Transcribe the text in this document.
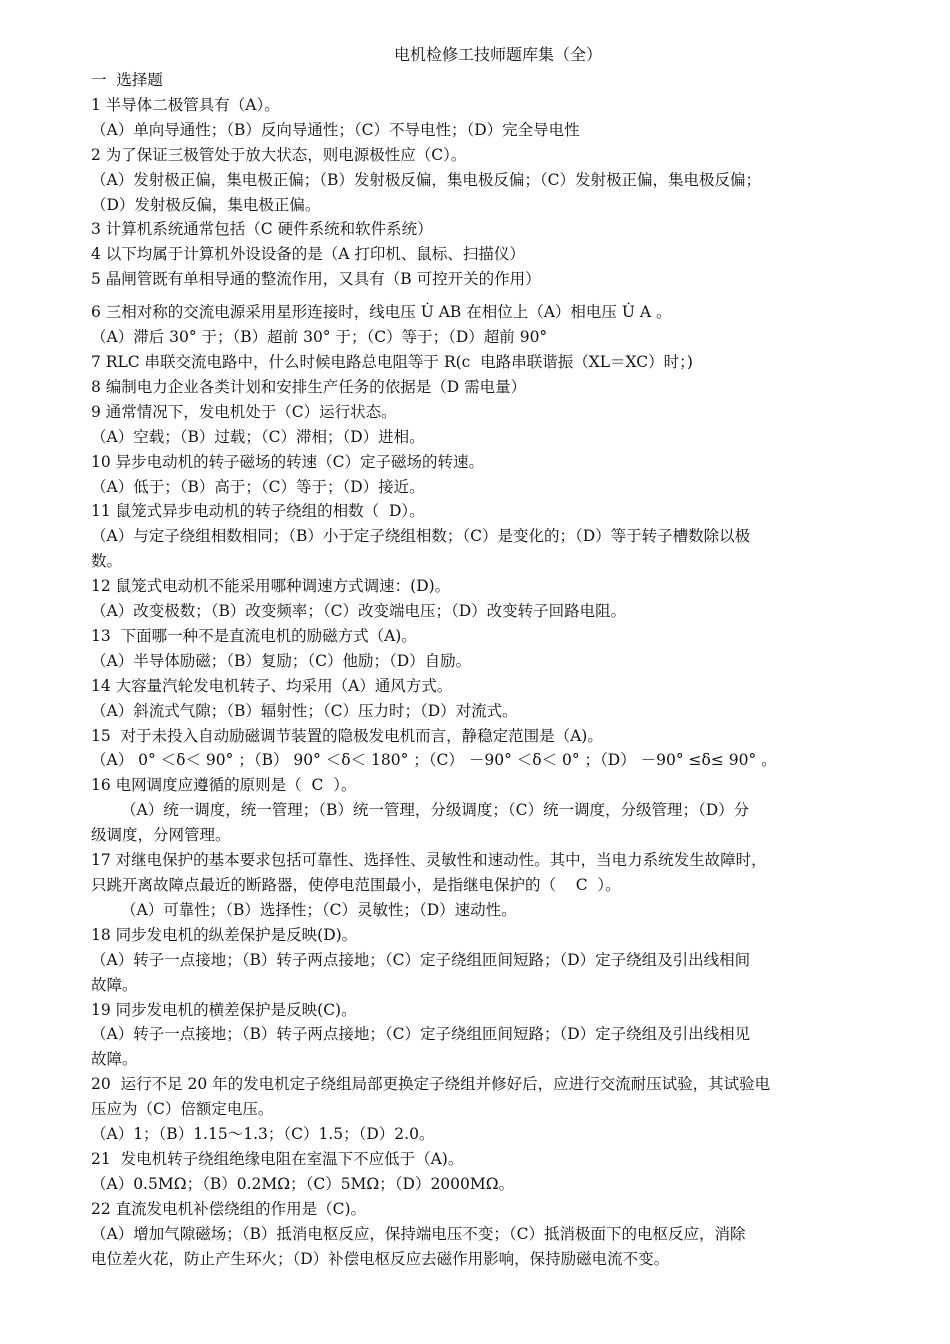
电机检修工技师题库集（全）
一  选择题
1 半导体二极管具有（A）。
（A）单向导通性；（B）反向导通性；（C）不导电性；（D）完全导电性
2 为了保证三极管处于放大状态，则电源极性应（C）。
（A）发射极正偏，集电极正偏；（B）发射极反偏，集电极反偏；（C）发射极正偏，集电极反偏；
（D）发射极反偏，集电极正偏。
3 计算机系统通常包括（C 硬件系统和软件系统）
4 以下均属于计算机外设设备的是（A 打印机、鼠标、扫描仪）
5 晶闸管既有单相导通的整流作用，又具有（B 可控开关的作用）
6 三相对称的交流电源采用星形连接时，线电压 U̇ AB 在相位上（A）相电压 U̇ A 。
（A）滞后 30° 于；（B）超前 30° 于；（C）等于；（D）超前 90°
7 RLC 串联交流电路中，什么时候电路总电阻等于 R(c  电路串联谐振（XL＝XC）时；)
8 编制电力企业各类计划和安排生产任务的依据是（D 需电量）
9 通常情况下，发电机处于（C）运行状态。
（A）空载；（B）过载；（C）滞相；（D）进相。
10 异步电动机的转子磁场的转速（C）定子磁场的转速。
（A）低于；（B）高于；（C）等于；（D）接近。
11 鼠笼式异步电动机的转子绕组的相数（  D）。
（A）与定子绕组相数相同；（B）小于定子绕组相数；（C）是变化的；（D）等于转子槽数除以极
数。
12 鼠笼式电动机不能采用哪种调速方式调速：(D)。
（A）改变极数；（B）改变频率；（C）改变端电压；（D）改变转子回路电阻。
13  下面哪一种不是直流电机的励磁方式（A)。
（A）半导体励磁；（B）复励；（C）他励；（D）自励。
14 大容量汽轮发电机转子、均采用（A）通风方式。
（A）斜流式气隙；（B）辐射性；（C）压力时；（D）对流式。
15  对于未投入自动励磁调节装置的隐极发电机而言，静稳定范围是（A)。
（A） 0° ＜δ＜ 90° ；（B） 90° ＜δ＜ 180° ；（C） －90° ＜δ＜ 0° ；（D） －90° ≤δ≤ 90° 。
16 电网调度应遵循的原则是（  C  ）。
（A）统一调度，统一管理；（B）统一管理，分级调度；（C）统一调度，分级管理；（D）分
级调度，分网管理。
17 对继电保护的基本要求包括可靠性、选择性、灵敏性和速动性。其中，当电力系统发生故障时，
只跳开离故障点最近的断路器，使停电范围最小，是指继电保护的（    C  ）。
（A）可靠性；（B）选择性；（C）灵敏性；（D）速动性。
18 同步发电机的纵差保护是反映(D)。
（A）转子一点接地；（B）转子两点接地；（C）定子绕组匝间短路；（D）定子绕组及引出线相间
故障。
19 同步发电机的横差保护是反映(C)。
（A）转子一点接地；（B）转子两点接地；（C）定子绕组匝间短路；（D）定子绕组及引出线相见
故障。
20  运行不足 20 年的发电机定子绕组局部更换定子绕组并修好后，应进行交流耐压试验，其试验电
压应为（C）倍额定电压。
（A）1；（B）1.15～1.3；（C）1.5；（D）2.0。
21  发电机转子绕组绝缘电阻在室温下不应低于（A)。
（A）0.5MΩ；（B）0.2MΩ；（C）5MΩ；（D）2000MΩ。
22 直流发电机补偿绕组的作用是（C)。
（A）增加气隙磁场；（B）抵消电枢反应，保持端电压不变；（C）抵消极面下的电枢反应，消除
电位差火花，防止产生环火；（D）补偿电枢反应去磁作用影响，保持励磁电流不变。
